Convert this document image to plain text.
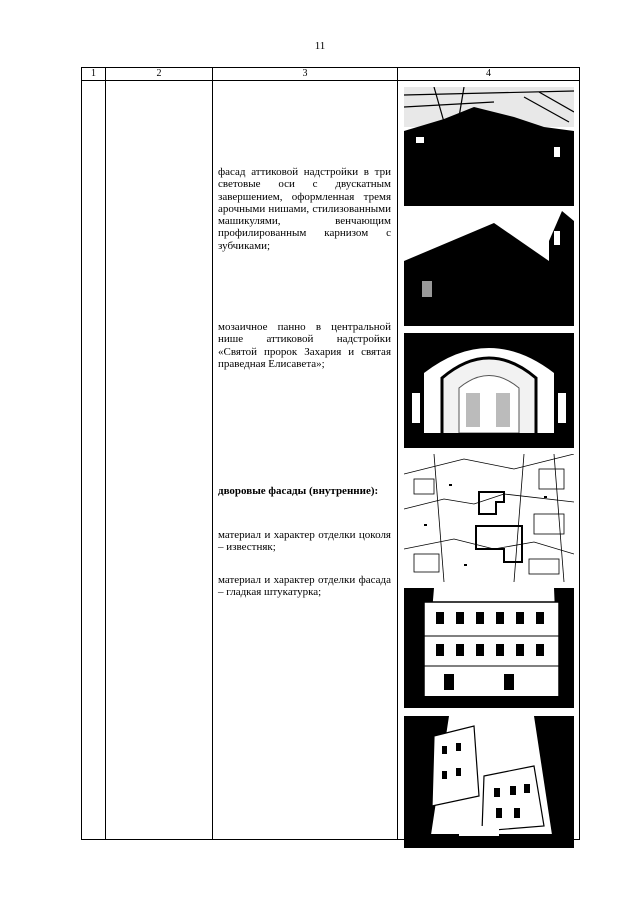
11
1	2	3	4

		фасад аттиковой надстройки в три световые оси с двускатным завершением, оформленная тремя арочными нишами, стилизованными машикулями, венчающим профилированным карнизом с зубчиками;
мозаичное панно в центральной нише аттиковой надстройки «Святой пророк Захария и святая праведная Елисавета»;
дворовые фасады (внутренние):
материал и характер отделки цоколя – известняк;
материал и характер отделки фасада – гладкая штукатурка;
